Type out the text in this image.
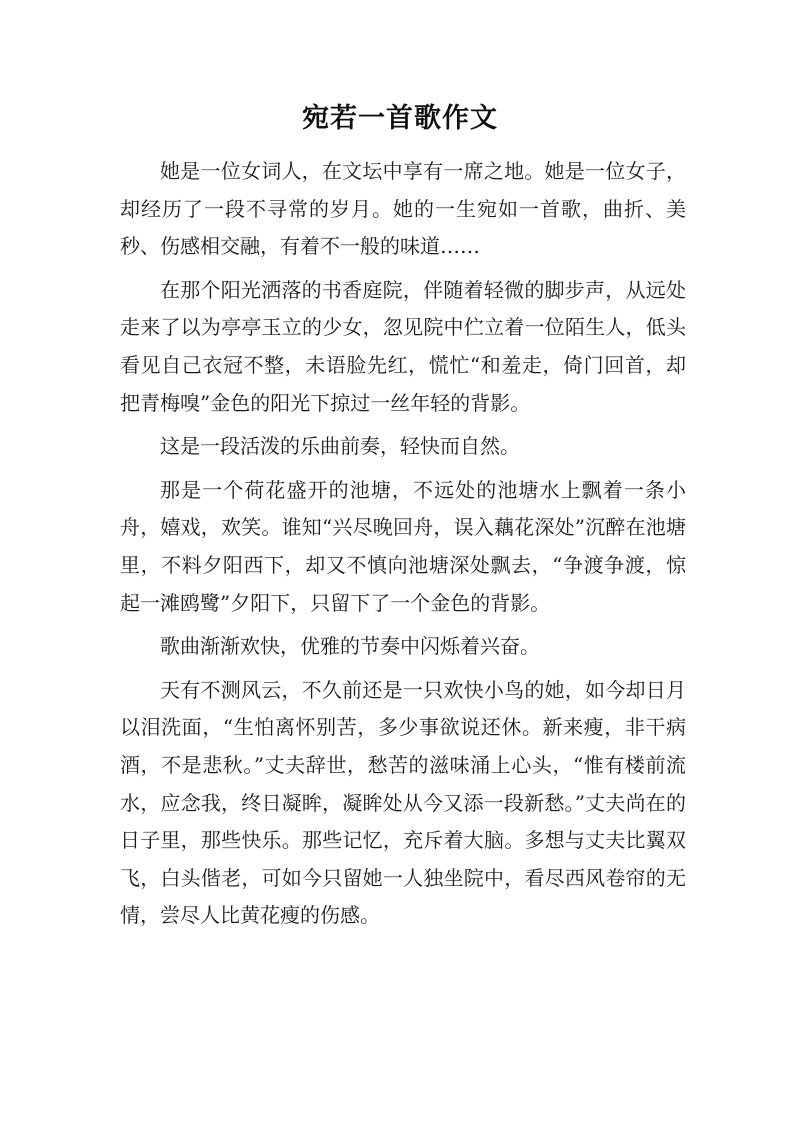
宛若一首歌作文

她是一位女词人，在文坛中享有一席之地。她是一位女子，却经历了一段不寻常的岁月。她的一生宛如一首歌，曲折、美秒、伤感相交融，有着不一般的味道……

在那个阳光洒落的书香庭院，伴随着轻微的脚步声，从远处走来了以为亭亭玉立的少女，忽见院中伫立着一位陌生人，低头看见自己衣冠不整，未语脸先红，慌忙“和羞走，倚门回首，却把青梅嗅”金色的阳光下掠过一丝年轻的背影。

这是一段活泼的乐曲前奏，轻快而自然。

那是一个荷花盛开的池塘，不远处的池塘水上飘着一条小舟，嬉戏，欢笑。谁知“兴尽晚回舟，误入藕花深处”沉醉在池塘里，不料夕阳西下，却又不慎向池塘深处飘去，“争渡争渡，惊起一滩鸥鹭”夕阳下，只留下了一个金色的背影。

歌曲渐渐欢快，优雅的节奏中闪烁着兴奋。

天有不测风云，不久前还是一只欢快小鸟的她，如今却日月以泪洗面，“生怕离怀别苦，多少事欲说还休。新来瘦，非干病酒，不是悲秋。”丈夫辞世，愁苦的滋味涌上心头，“惟有楼前流水，应念我，终日凝眸，凝眸处从今又添一段新愁。”丈夫尚在的日子里，那些快乐。那些记忆，充斥着大脑。多想与丈夫比翼双飞，白头偕老，可如今只留她一人独坐院中，看尽西风卷帘的无情，尝尽人比黄花瘦的伤感。
